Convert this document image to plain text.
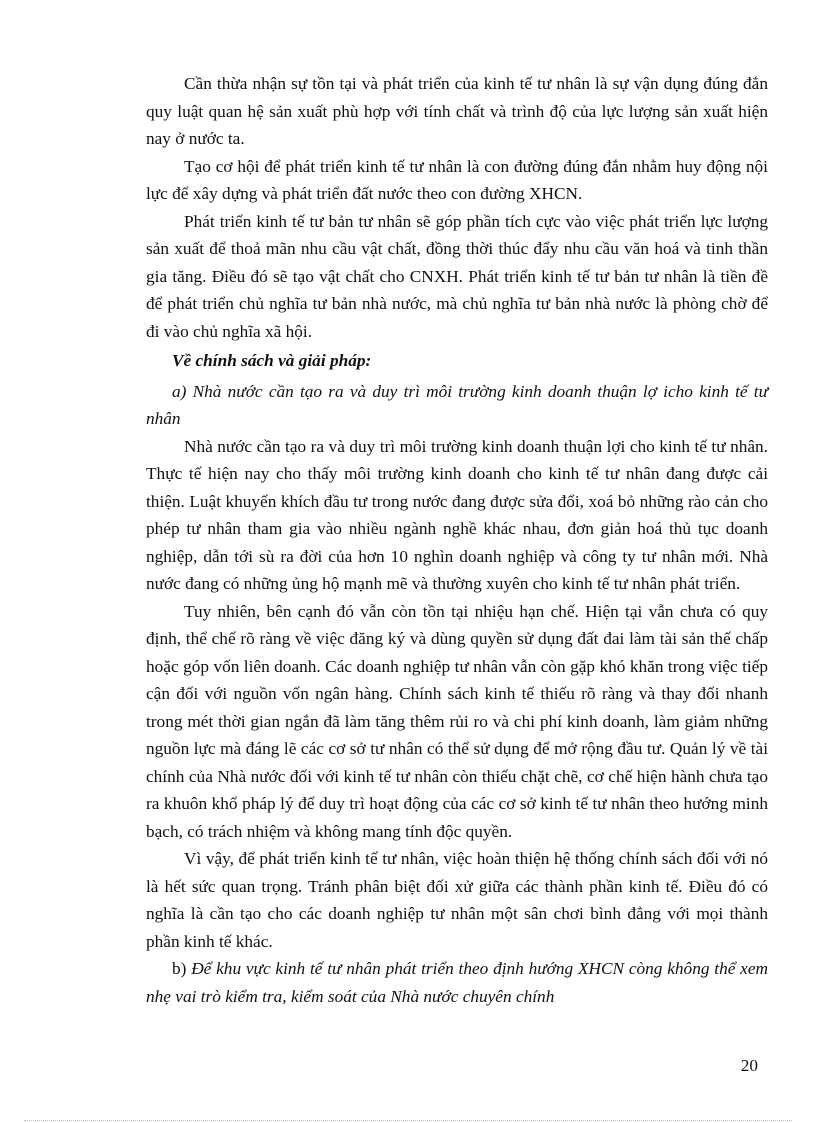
Cần thừa nhận sự tồn tại và phát triển của kinh tế tư nhân là sự vận dụng đúng đắn quy luật quan hệ sản xuất phù hợp với tính chất và trình độ của lực lượng sản xuất hiện nay ở nước ta.

Tạo cơ hội để phát triển kinh tế tư nhân là con đường đúng đắn nhằm huy động nội lực để xây dựng và phát triển đất nước theo con đường XHCN.

Phát triển kinh tế tư bản tư nhân sẽ góp phần tích cực vào việc phát triển lực lượng sản xuất để thoả mãn nhu cầu vật chất, đồng thời thúc đẩy nhu cầu văn hoá và tinh thần gia tăng. Điều đó sẽ tạo vật chất cho CNXH. Phát triển kinh tế tư bản tư nhân là tiền đề để phát triển chủ nghĩa tư bản nhà nước, mà chủ nghĩa tư bản nhà nước là phòng chờ để đi vào chủ nghĩa xã hội.

Về chính sách và giải pháp:

a) Nhà nước cần tạo ra và duy trì môi trường kinh doanh thuận lợ icho kinh tế tư nhân

Nhà nước cần tạo ra và duy trì môi trường kinh doanh thuận lợi cho kinh tế tư nhân. Thực tế hiện nay cho thấy môi trường kinh doanh cho kinh tế tư nhân đang được cải thiện. Luật khuyến khích đầu tư trong nước đang được sửa đổi, xoá bỏ những rào cản cho phép tư nhân tham gia vào nhiều ngành nghề khác nhau, đơn giản hoá thủ tục doanh nghiệp, dẫn tới sù ra đời của hơn 10 nghìn doanh nghiệp và công ty tư nhân mới. Nhà nước đang có những ủng hộ mạnh mẽ và thường xuyên cho kinh tế tư nhân phát triển.

Tuy nhiên, bên cạnh đó vẫn còn tồn tại nhiệu hạn chế. Hiện tại vẫn chưa có quy định, thể chế rõ ràng về việc đăng ký và dùng quyền sử dụng đất đai làm tài sản thế chấp hoặc góp vốn liên doanh. Các doanh nghiệp tư nhân vẫn còn gặp khó khăn trong việc tiếp cận đối với nguồn vốn ngân hàng. Chính sách kinh tế thiếu rõ ràng và thay đổi nhanh trong mét thời gian ngắn đã làm tăng thêm rủi ro và chi phí kinh doanh, làm giảm những nguồn lực mà đáng lẽ các cơ sở tư nhân có thể sử dụng để mở rộng đầu tư. Quản lý về tài chính của Nhà nước đối với kinh tế tư nhân còn thiếu chặt chẽ, cơ chế hiện hành chưa tạo ra khuôn khổ pháp lý để duy trì hoạt động của các cơ sở kinh tế tư nhân theo hướng minh bạch, có trách nhiệm và không mang tính độc quyền.

Vì vậy, để phát triển kinh tế tư nhân, việc hoàn thiện hệ thống chính sách đối với nó là hết sức quan trọng. Tránh phân biệt đối xử giữa các thành phần kinh tế. Điều đó có nghĩa là cần tạo cho các doanh nghiệp tư nhân một sân chơi bình đẳng với mọi thành phần kinh tế khác.

b) Để khu vực kinh tế tư nhân phát triển theo định hướng XHCN còng không thể xem nhẹ vai trò kiểm tra, kiểm soát của Nhà nước chuyên chính

20
